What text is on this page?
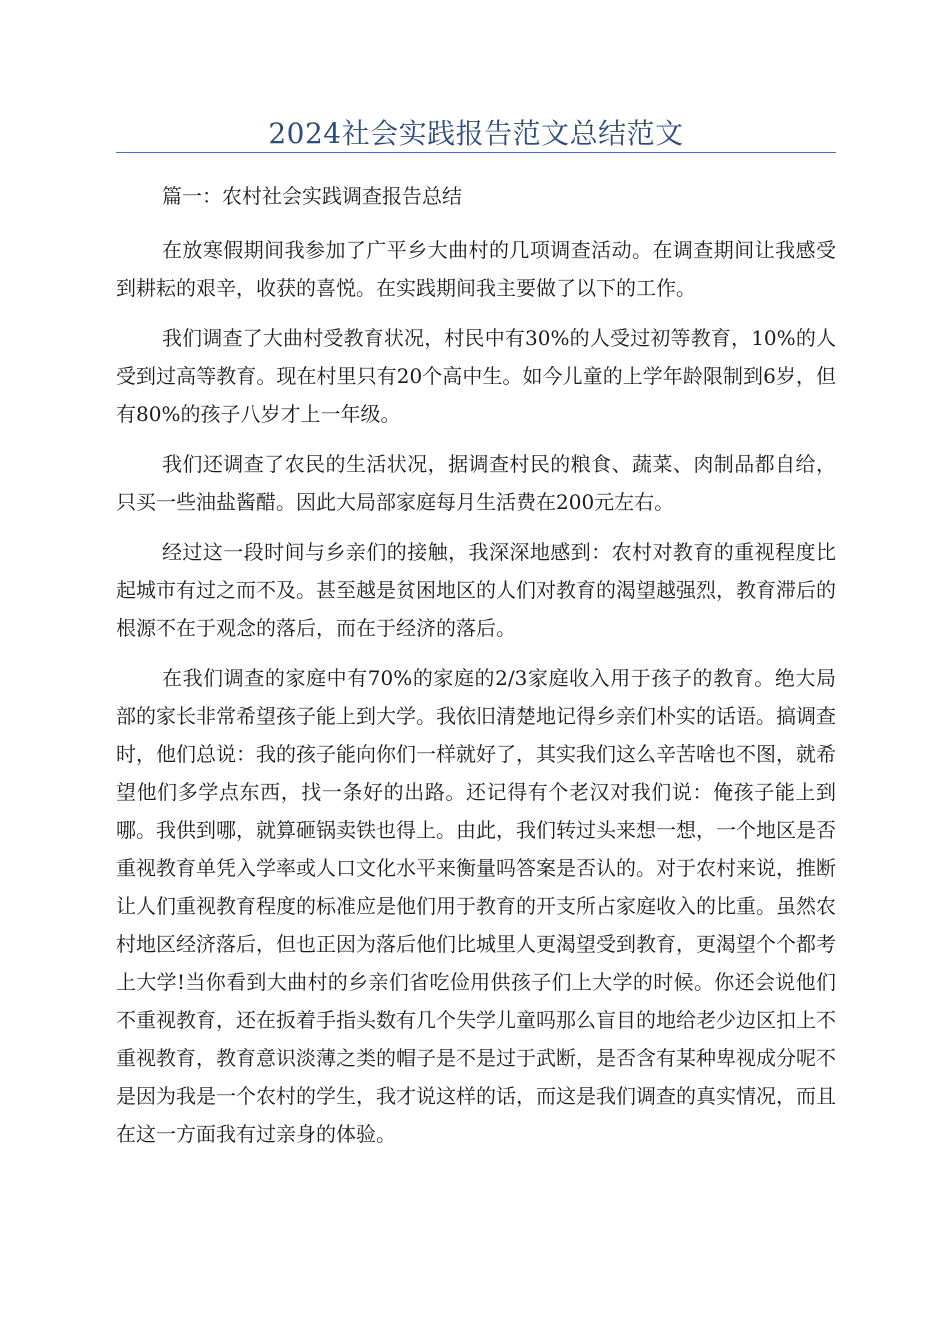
2024社会实践报告范文总结范文

篇一：农村社会实践调查报告总结

在放寒假期间我参加了广平乡大曲村的几项调查活动。在调查期间让我感受到耕耘的艰辛，收获的喜悦。在实践期间我主要做了以下的工作。

我们调查了大曲村受教育状况，村民中有30%的人受过初等教育，10%的人受到过高等教育。现在村里只有20个高中生。如今儿童的上学年龄限制到6岁，但有80%的孩子八岁才上一年级。

我们还调查了农民的生活状况，据调查村民的粮食、蔬菜、肉制品都自给，只买一些油盐酱醋。因此大局部家庭每月生活费在200元左右。

经过这一段时间与乡亲们的接触，我深深地感到：农村对教育的重视程度比起城市有过之而不及。甚至越是贫困地区的人们对教育的渴望越强烈，教育滞后的根源不在于观念的落后，而在于经济的落后。

在我们调查的家庭中有70%的家庭的2/3家庭收入用于孩子的教育。绝大局部的家长非常希望孩子能上到大学。我依旧清楚地记得乡亲们朴实的话语。搞调查时，他们总说：我的孩子能向你们一样就好了，其实我们这么辛苦啥也不图，就希望他们多学点东西，找一条好的出路。还记得有个老汉对我们说：俺孩子能上到哪。我供到哪，就算砸锅卖铁也得上。由此，我们转过头来想一想，一个地区是否重视教育单凭入学率或人口文化水平来衡量吗答案是否认的。对于农村来说，推断让人们重视教育程度的标准应是他们用于教育的开支所占家庭收入的比重。虽然农村地区经济落后，但也正因为落后他们比城里人更渴望受到教育，更渴望个个都考上大学!当你看到大曲村的乡亲们省吃俭用供孩子们上大学的时候。你还会说他们不重视教育，还在扳着手指头数有几个失学儿童吗那么盲目的地给老少边区扣上不重视教育，教育意识淡薄之类的帽子是不是过于武断，是否含有某种卑视成分呢不是因为我是一个农村的学生，我才说这样的话，而这是我们调查的真实情况，而且在这一方面我有过亲身的体验。
